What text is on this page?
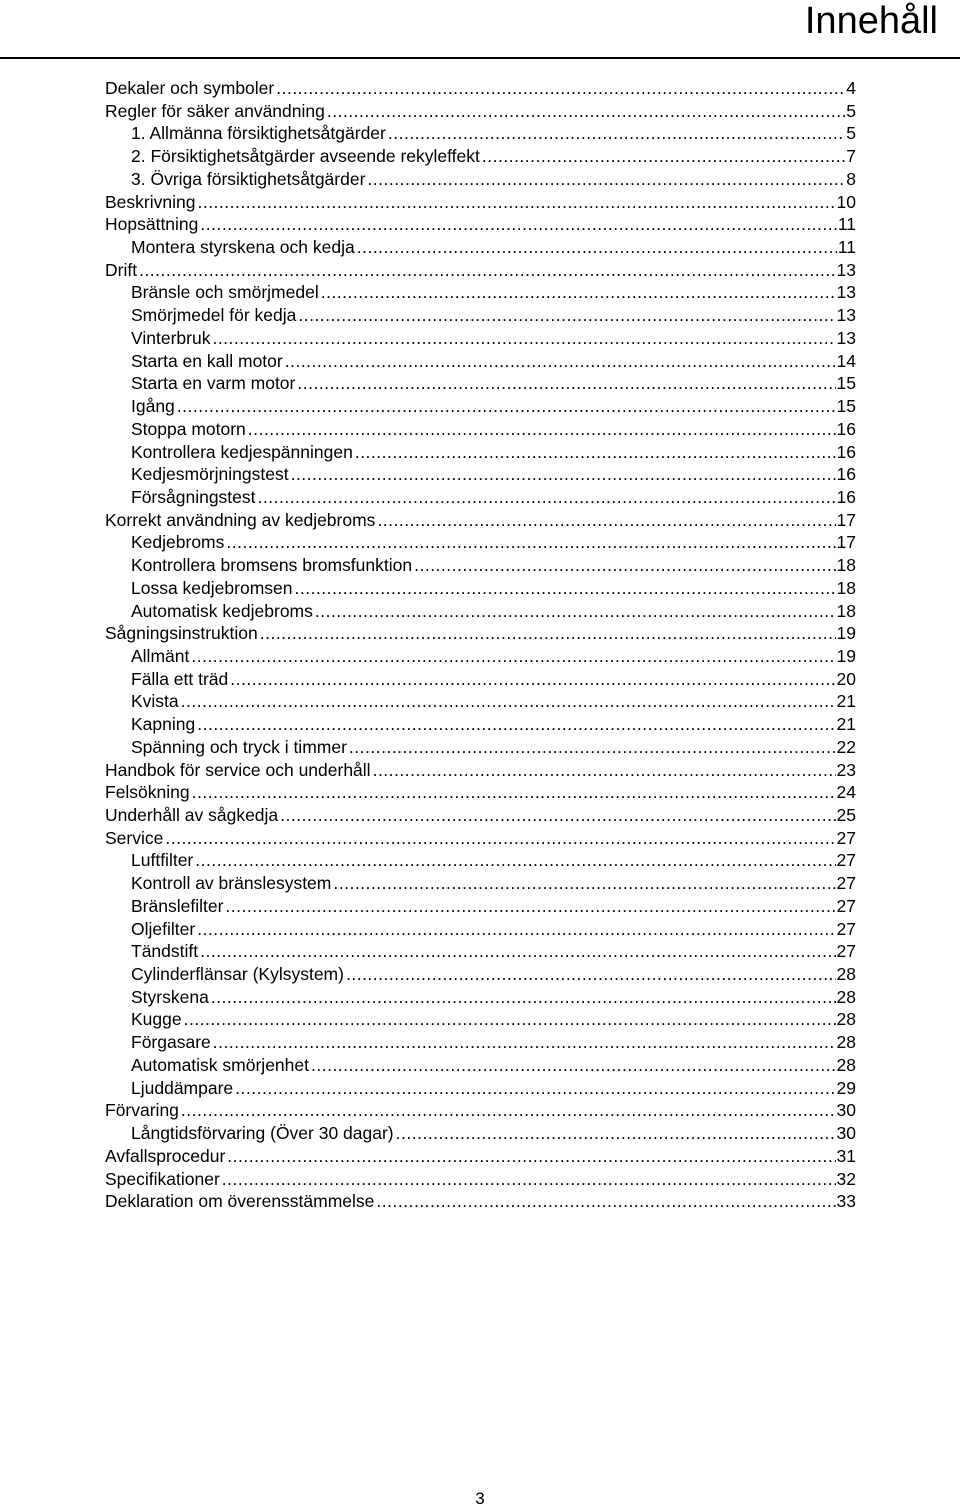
Innehåll
Dekaler och symboler .....	4
Regler för säker användning .....	5
1. Allmänna försiktighetsåtgärder .....	5
2. Försiktighetsåtgärder avseende rekyleffekt .....	7
3. Övriga försiktighetsåtgärder .....	8
Beskrivning .....	10
Hopsättning .....	11
Montera styrskena och kedja .....	11
Drift .....	13
Bränsle och smörjmedel .....	13
Smörjmedel för kedja .....	13
Vinterbruk .....	13
Starta en kall motor .....	14
Starta en varm motor .....	15
Igång .....	15
Stoppa motorn .....	16
Kontrollera kedjespänningen .....	16
Kedjesmörjningstest .....	16
Försågningstest .....	16
Korrekt användning av kedjebroms .....	17
Kedjebroms .....	17
Kontrollera bromsens bromsfunktion .....	18
Lossa kedjebromsen .....	18
Automatisk kedjebroms .....	18
Sågningsinstruktion .....	19
Allmänt .....	19
Fälla ett träd .....	20
Kvista .....	21
Kapning .....	21
Spänning och tryck i timmer .....	22
Handbok för service och underhåll .....	23
Felsökning .....	24
Underhåll av sågkedja .....	25
Service .....	27
Luftfilter .....	27
Kontroll av bränslesystem .....	27
Bränslefilter .....	27
Oljefilter .....	27
Tändstift .....	27
Cylinderflänsar (Kylsystem) .....	28
Styrskena .....	28
Kugge .....	28
Förgasare .....	28
Automatisk smörjenhet .....	28
Ljuddämpare .....	29
Förvaring .....	30
Långtidsförvaring (Över 30 dagar) .....	30
Avfallsprocedur .....	31
Specifikationer .....	32
Deklaration om överensstämmelse .....	33
3
